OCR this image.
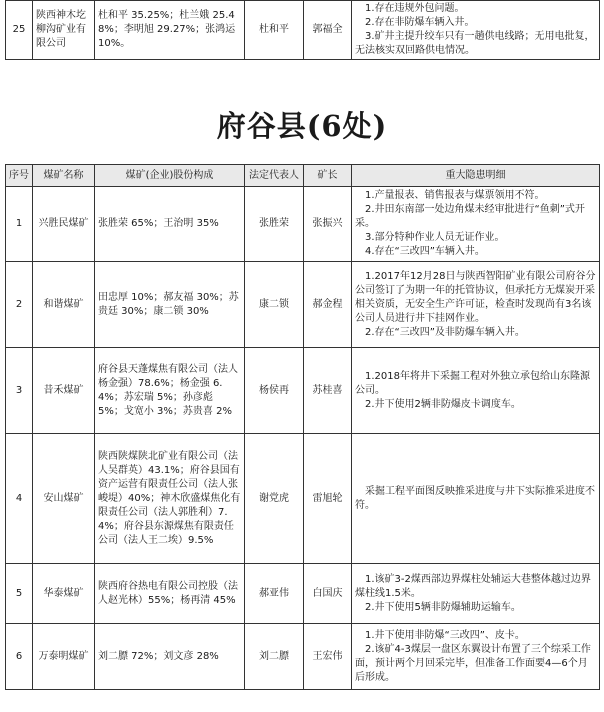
25	陕西神木圪柳沟矿业有限公司	杜和平 35.25%；杜兰娥 25.48%；李明旭 29.27%；张鸿运 10%。	杜和平	郭福全	
1.存在违规外包问题。
2.存在非防爆车辆入井。
3.矿井主提升绞车只有一趟供电线路；无用电批复，无法核实双回路供电情况。
府谷县(6处)
序号	煤矿名称	煤矿(企业)股份构成	法定代表人	矿长	重大隐患明细
1	兴胜民煤矿	张胜荣 65%；王治明 35%	张胜荣	张振兴	1.产量报表、销售报表与煤票领用不符。
2.井田东南部一处边角煤未经审批进行“鱼刺”式开采。
3.部分特种作业人员无证作业。
4.存在“三改四”车辆入井。

2	和谐煤矿	田忠厚 10%；郝友福 30%；苏贵廷 30%；康二锁 30%	康二锁	郝金程	1.2017年12月28日与陕西智阳矿业有限公司府谷分公司签订了为期一年的托管协议，但承托方无煤炭开采相关资质，无安全生产许可证，检查时发现尚有3名该公司人员进行井下挂网作业。
2.存在“三改四”及非防爆车辆入井。

3	昔禾煤矿	府谷县天蓬煤焦有限公司（法人杨金强）78.6%；杨金强 6.4%；苏宏瑞 5%；孙彦彪 5%；戈宽小 3%；苏贵喜 2%	杨侯再	苏桂喜	1.2018年将井下采掘工程对外独立承包给山东隆源公司。
2.井下使用2辆非防爆皮卡调度车。

4	安山煤矿	陕西陕煤陕北矿业有限公司（法人吴群英）43.1%；府谷县国有资产运营有限责任公司（法人张峻堤）40%；神木欣盛煤焦化有限责任公司（法人郭胜利）7.4%；府谷县东源煤焦有限责任公司（法人王二埃）9.5%	谢党虎	雷旭轮	采掘工程平面图反映推采进度与井下实际推采进度不符。

5	华泰煤矿	陕西府谷热电有限公司控股（法人赵光林）55%；杨再清 45%	郝亚伟	白国庆	1.该矿3-2煤西部边界煤柱处辅运大巷整体越过边界煤柱线1.5米。
2.井下使用5辆非防爆辅助运输车。

6	万泰明煤矿	刘二膘 72%；刘文彦 28%	刘二膘	王宏伟	1.井下使用非防爆“三改四”、皮卡。
2.该矿4-3煤层一盘区东翼设计布置了三个综采工作面，预计两个月回采完毕，但准备工作面要4—6个月后形成。
